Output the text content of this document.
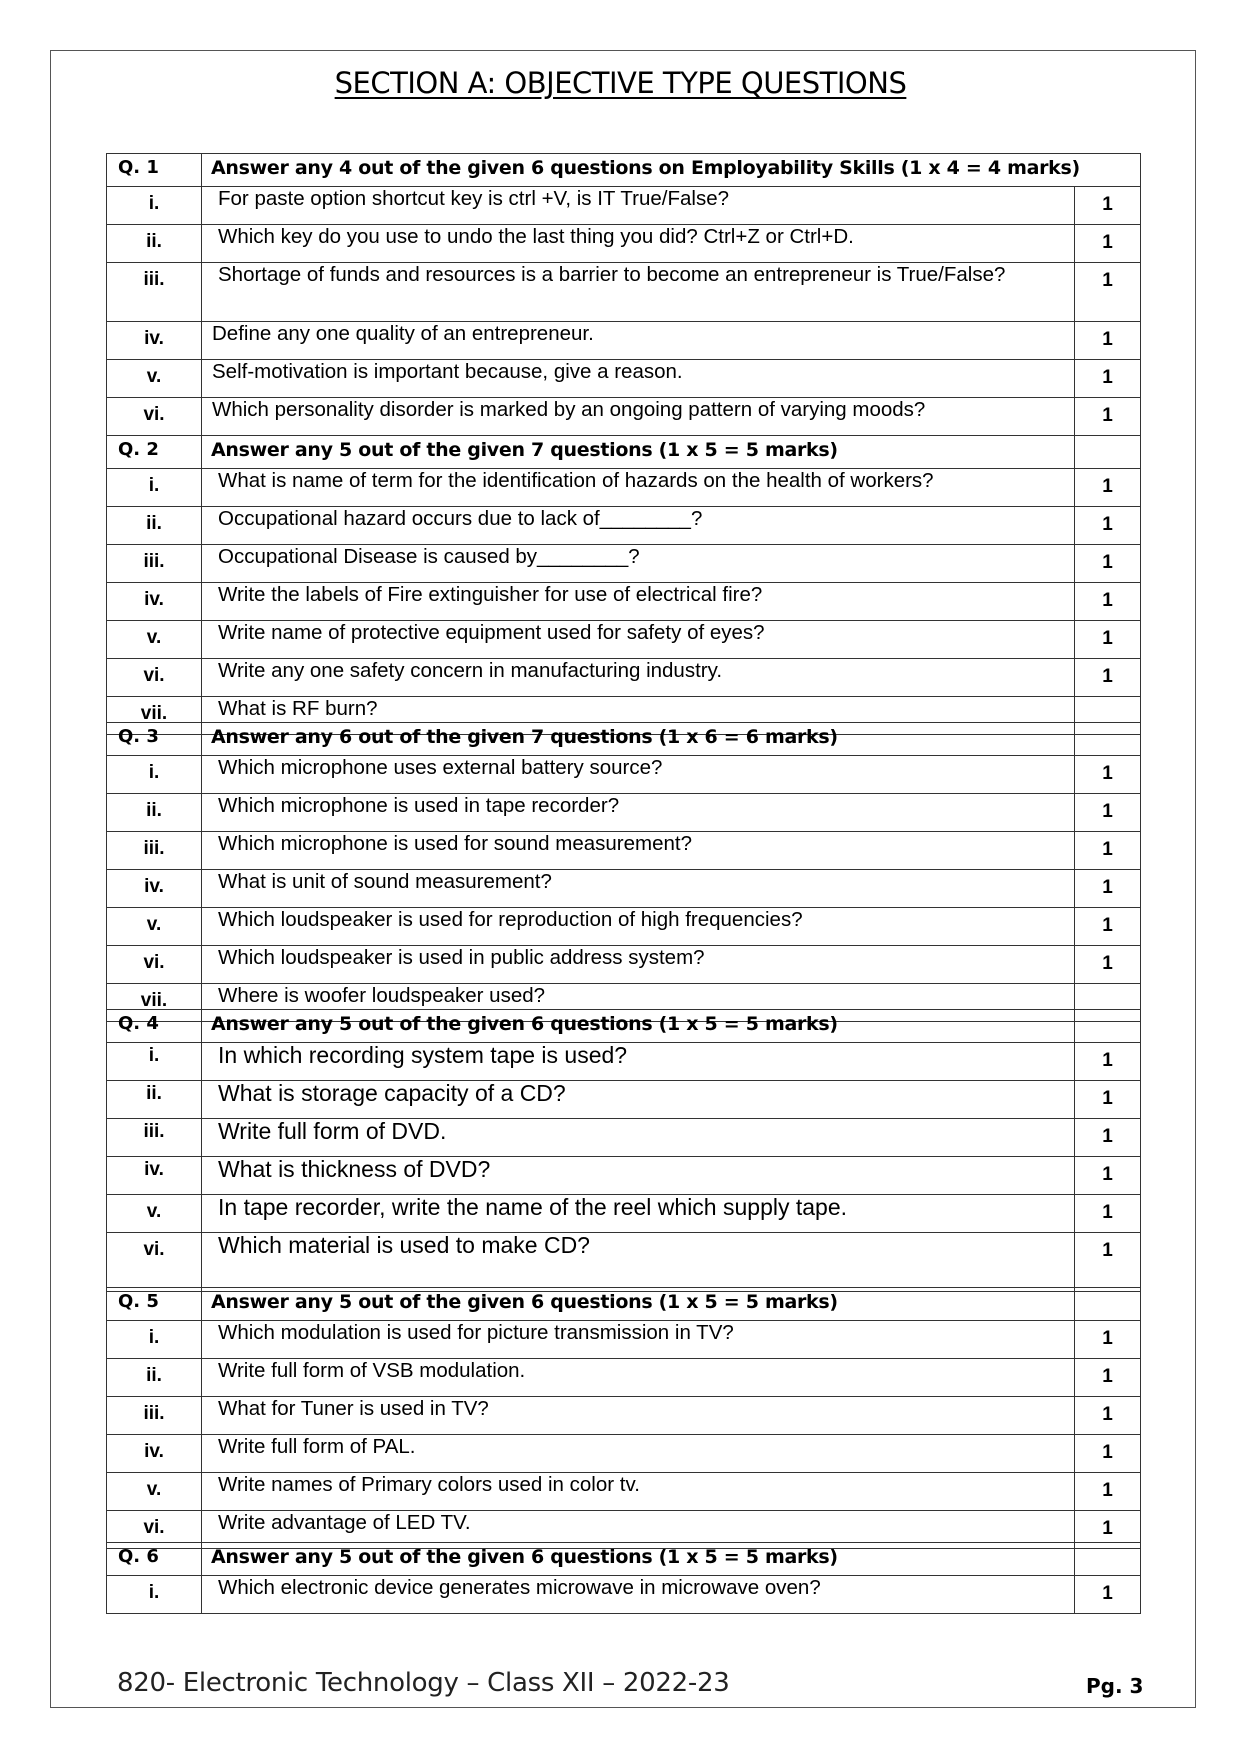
SECTION A: OBJECTIVE TYPE QUESTIONS
Q. 1	Answer any 4 out of the given 6 questions on Employability Skills (1 x 4 = 4 marks)	
i.	For paste option shortcut key is ctrl +V, is IT True/False?	1
ii.	Which key do you use to undo the last thing you did? Ctrl+Z or Ctrl+D.	1
iii.	Shortage of funds and resources is a barrier to become an entrepreneur is True/False?	1
iv.	Define any one quality of an entrepreneur.	1
v.	Self-motivation is important because, give a reason.	1
vi.	Which personality disorder is marked by an ongoing pattern of varying moods?	1
Q. 2	Answer any 5 out of the given 7 questions (1 x 5 = 5 marks)	
i.	What is name of term for the identification of hazards on the health of workers?	1
ii.	Occupational hazard occurs due to lack of________?	1
iii.	Occupational Disease is caused by________?	1
iv.	Write the labels of Fire extinguisher for use of electrical fire?	1
v.	Write name of protective equipment used for safety of eyes?	1
vi.	Write any one safety concern in manufacturing industry.	1
vii.	What is RF burn?	
Q. 3	Answer any 6 out of the given 7 questions (1 x 6 = 6 marks)	
i.	Which microphone uses external battery source?	1
ii.	Which microphone is used in tape recorder?	1
iii.	Which microphone is used for sound measurement?	1
iv.	What is unit of sound measurement?	1
v.	Which loudspeaker is used for reproduction of high frequencies?	1
vi.	Which loudspeaker is used in public address system?	1
vii.	Where is woofer loudspeaker used?	
Q. 4	Answer any 5 out of the given 6 questions (1 x 5 = 5 marks)	
i.	In which recording system tape is used?	1
ii.	What is storage capacity of a CD?	1
iii.	Write full form of DVD.	1
iv.	What is thickness of DVD?	1
v.	In tape recorder, write the name of the reel which supply tape.	1
vi.	Which material is used to make CD?	1
Q. 5	Answer any 5 out of the given 6 questions (1 x 5 = 5 marks)	
i.	Which modulation is used for picture transmission in TV?	1
ii.	Write full form of VSB modulation.	1
iii.	What for Tuner is used in TV?	1
iv.	Write full form of PAL.	1
v.	Write names of Primary colors used in color tv.	1
vi.	Write advantage of LED TV.	1
Q. 6	Answer any 5 out of the given 6 questions (1 x 5 = 5 marks)	
i.	Which electronic device generates microwave in microwave oven?	1
820- Electronic Technology – Class XII – 2022-23	Pg. 3
